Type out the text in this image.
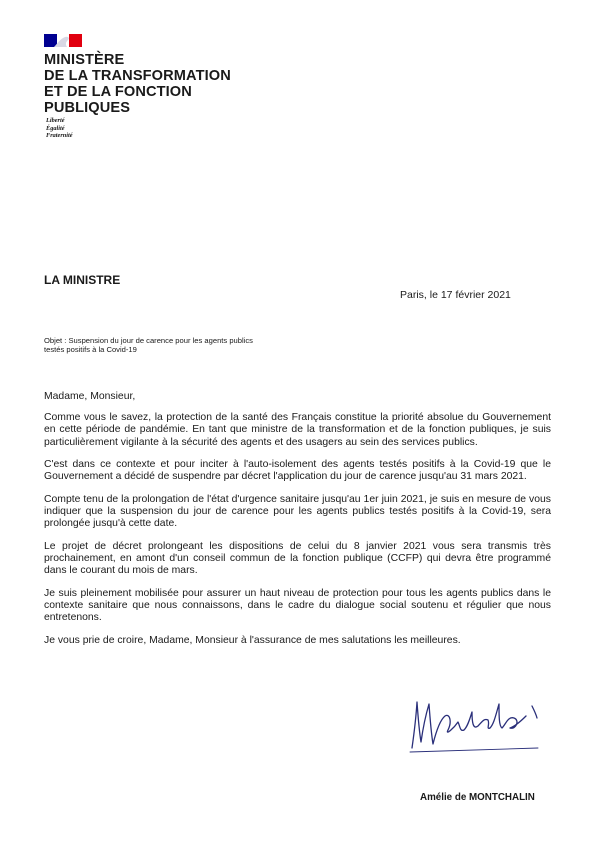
MINISTÈRE
DE LA TRANSFORMATION
ET DE LA FONCTION
PUBLIQUES
Liberté
Égalité
Fraternité
LA MINISTRE
Paris, le 17 février 2021
Objet : Suspension du jour de carence pour les agents publics
testés positifs à la Covid-19
Madame, Monsieur,

Comme vous le savez, la protection de la santé des Français constitue la priorité absolue du Gouvernement en cette période de pandémie. En tant que ministre de la transformation et de la fonction publiques, je suis particulièrement vigilante à la sécurité des agents et des usagers au sein des services publics.

C'est dans ce contexte et pour inciter à l'auto-isolement des agents testés positifs à la Covid-19 que le Gouvernement a décidé de suspendre par décret l'application du jour de carence jusqu'au 31 mars 2021.

Compte tenu de la prolongation de l'état d'urgence sanitaire jusqu'au 1er juin 2021, je suis en mesure de vous indiquer que la suspension du jour de carence pour les agents publics testés positifs à la Covid-19, sera prolongée jusqu'à cette date.

Le projet de décret prolongeant les dispositions de celui du 8 janvier 2021 vous sera transmis très prochainement, en amont d'un conseil commun de la fonction publique (CCFP) qui devra être programmé dans le courant du mois de mars.

Je suis pleinement mobilisée pour assurer un haut niveau de protection pour tous les agents publics dans le contexte sanitaire que nous connaissons, dans le cadre du dialogue social soutenu et régulier que nous entretenons.

Je vous prie de croire, Madame, Monsieur à l'assurance de mes salutations les meilleures.

Amélie de MONTCHALIN
